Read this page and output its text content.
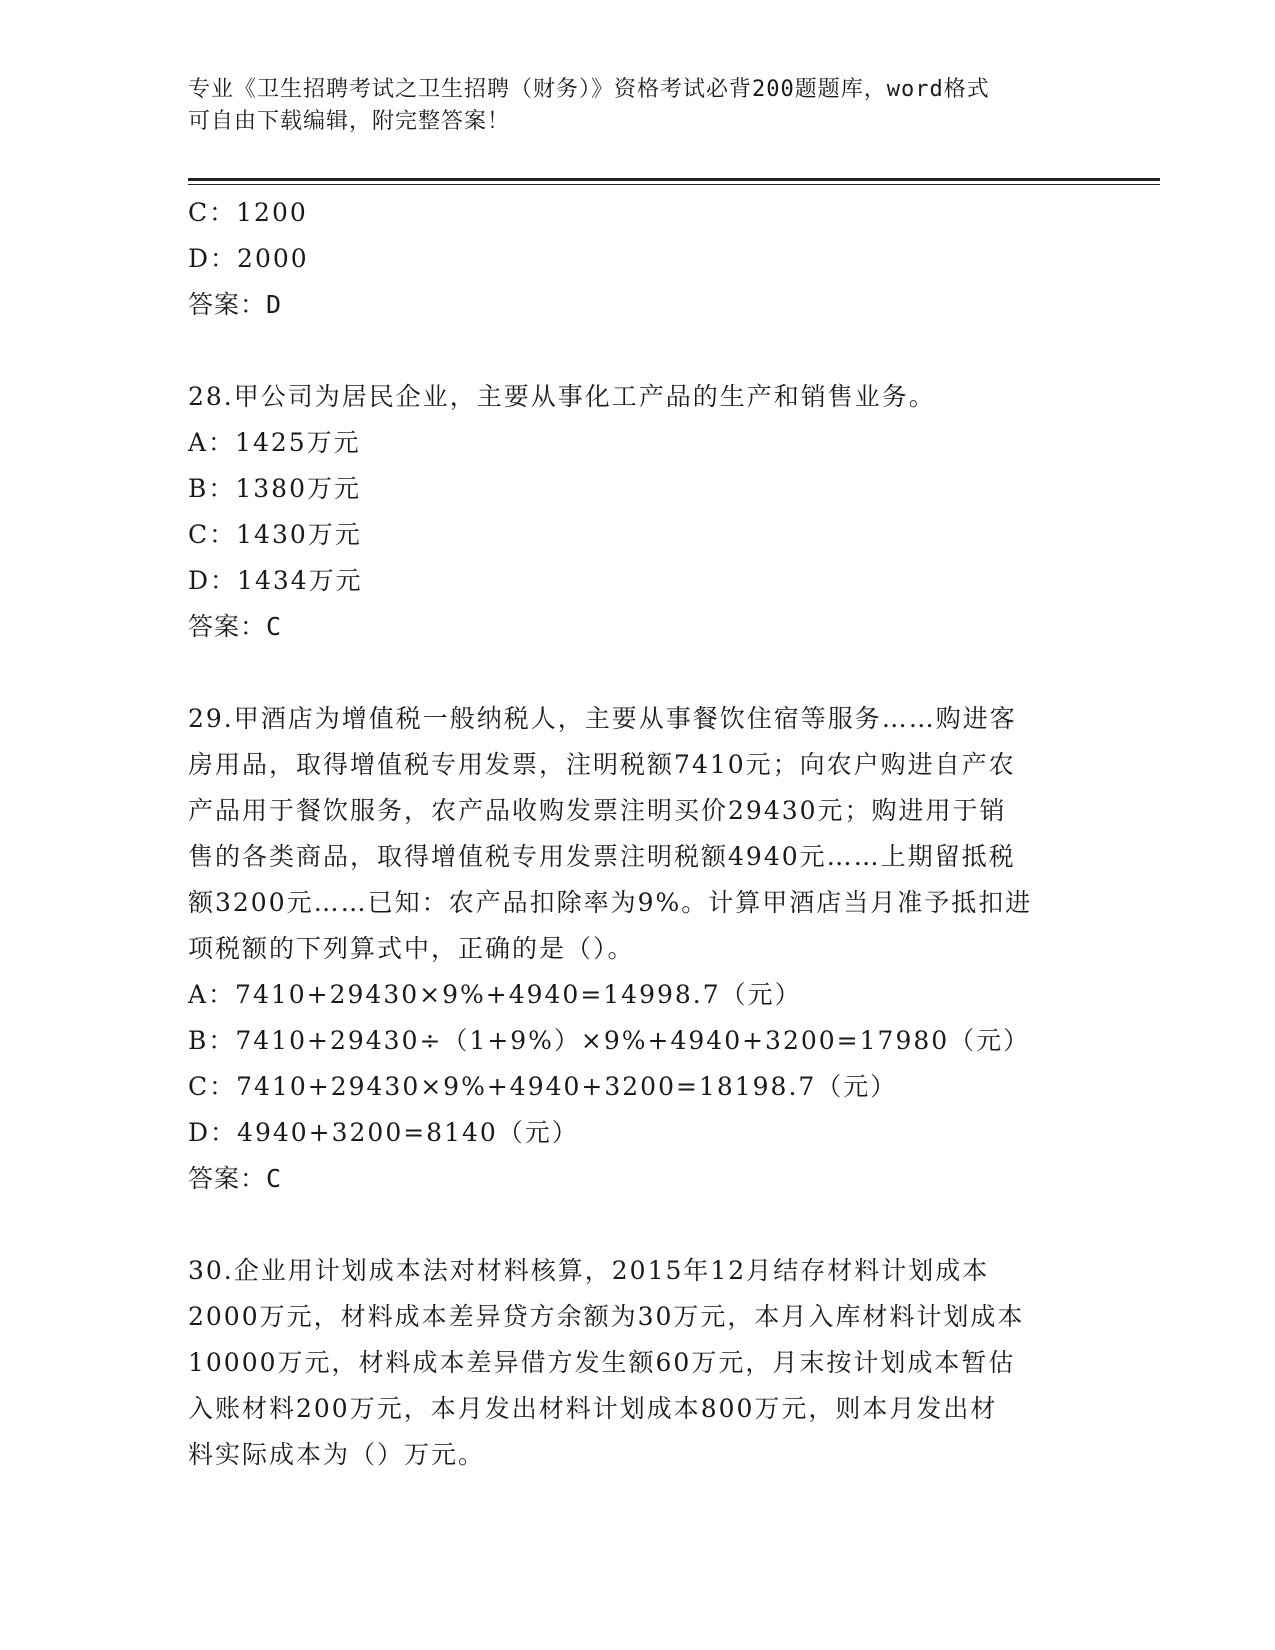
专业《卫生招聘考试之卫生招聘（财务）》资格考试必背200题题库，word格式
可自由下载编辑，附完整答案！
C：1200
D：2000
答案：D
28.甲公司为居民企业，主要从事化工产品的生产和销售业务。
A：1425万元
B：1380万元
C：1430万元
D：1434万元
答案：C
29.甲酒店为增值税一般纳税人，主要从事餐饮住宿等服务……购进客
房用品，取得增值税专用发票，注明税额7410元；向农户购进自产农
产品用于餐饮服务，农产品收购发票注明买价29430元；购进用于销
售的各类商品，取得增值税专用发票注明税额4940元……上期留抵税
额3200元……已知：农产品扣除率为9%。计算甲酒店当月准予抵扣进
项税额的下列算式中，正确的是（）。
A：7410+29430×9%+4940=14998.7（元）
B：7410+29430÷（1+9%）×9%+4940+3200=17980（元）
C：7410+29430×9%+4940+3200=18198.7（元）
D：4940+3200=8140（元）
答案：C
30.企业用计划成本法对材料核算，2015年12月结存材料计划成本
2000万元，材料成本差异贷方余额为30万元，本月入库材料计划成本
10000万元，材料成本差异借方发生额60万元，月末按计划成本暂估
入账材料200万元，本月发出材料计划成本800万元，则本月发出材
料实际成本为（）万元。
